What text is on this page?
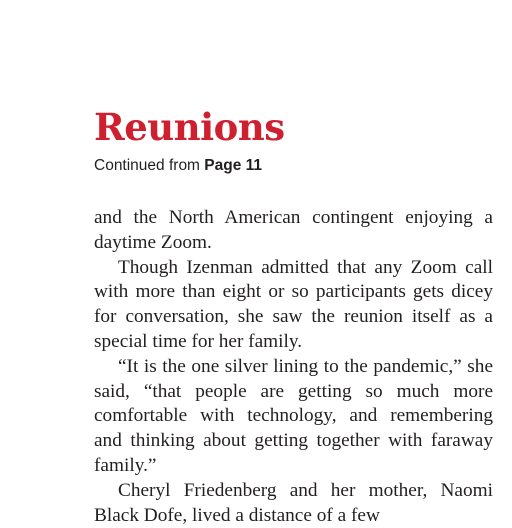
Reunions
Continued from Page 11

and the North American contingent enjoying a daytime Zoom.

Though Izenman admitted that any Zoom call with more than eight or so participants gets dicey for conversation, she saw the reunion itself as a special time for her family.

“It is the one silver lining to the pandemic,” she said, “that people are getting so much more comfortable with technology, and remembering and thinking about getting together with faraway family.”

Cheryl Friedenberg and her mother, Naomi Black Dofe, lived a distance of a few
